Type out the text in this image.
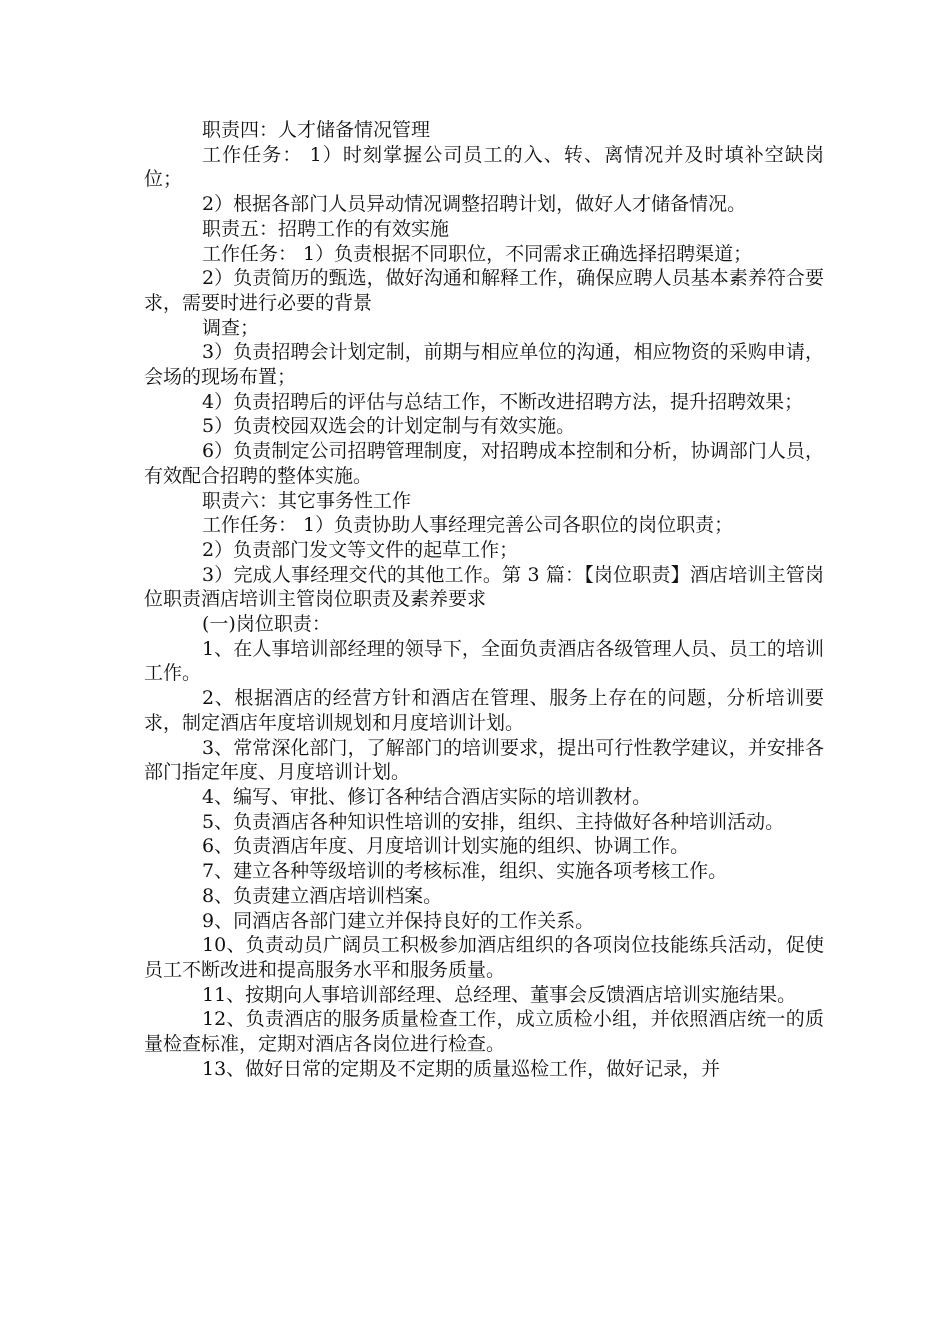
职责四：人才储备情况管理

工作任务： 1）时刻掌握公司员工的入、转、离情况并及时填补空缺岗位；

2）根据各部门人员异动情况调整招聘计划，做好人才储备情况。

职责五：招聘工作的有效实施

工作任务： 1）负责根据不同职位，不同需求正确选择招聘渠道；

2）负责简历的甄选，做好沟通和解释工作，确保应聘人员基本素养符合要求，需要时进行必要的背景

调查；

3）负责招聘会计划定制，前期与相应单位的沟通，相应物资的采购申请，会场的现场布置；

4）负责招聘后的评估与总结工作，不断改进招聘方法，提升招聘效果；

5）负责校园双选会的计划定制与有效实施。

6）负责制定公司招聘管理制度，对招聘成本控制和分析，协调部门人员，有效配合招聘的整体实施。

职责六：其它事务性工作

工作任务： 1）负责协助人事经理完善公司各职位的岗位职责；

2）负责部门发文等文件的起草工作；

3）完成人事经理交代的其他工作。第 3 篇：【岗位职责】酒店培训主管岗位职责酒店培训主管岗位职责及素养要求

(一)岗位职责：

1、在人事培训部经理的领导下，全面负责酒店各级管理人员、员工的培训工作。

2、根据酒店的经营方针和酒店在管理、服务上存在的问题，分析培训要求，制定酒店年度培训规划和月度培训计划。

3、常常深化部门，了解部门的培训要求，提出可行性教学建议，并安排各部门指定年度、月度培训计划。

4、编写、审批、修订各种结合酒店实际的培训教材。

5、负责酒店各种知识性培训的安排，组织、主持做好各种培训活动。

6、负责酒店年度、月度培训计划实施的组织、协调工作。

7、建立各种等级培训的考核标准，组织、实施各项考核工作。

8、负责建立酒店培训档案。

9、同酒店各部门建立并保持良好的工作关系。

10、负责动员广阔员工积极参加酒店组织的各项岗位技能练兵活动，促使员工不断改进和提高服务水平和服务质量。

11、按期向人事培训部经理、总经理、董事会反馈酒店培训实施结果。

12、负责酒店的服务质量检查工作，成立质检小组，并依照酒店统一的质量检查标准，定期对酒店各岗位进行检查。

13、做好日常的定期及不定期的质量巡检工作，做好记录，并
